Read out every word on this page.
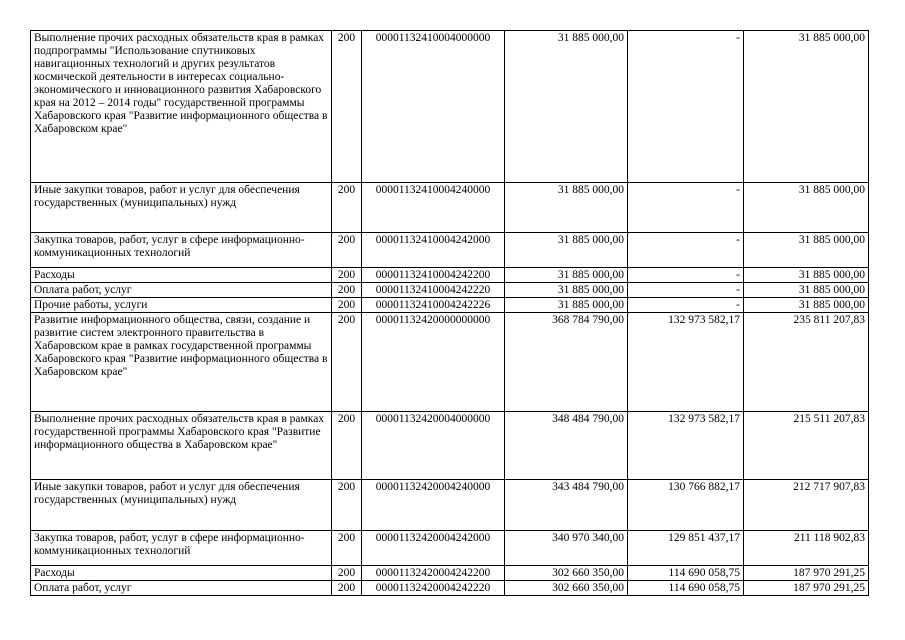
Выполнение прочих расходных обязательств края в рамках подпрограммы "Использование спутниковых навигационных технологий и других результатов космической деятельности в интересах социально-экономического и инновационного развития Хабаровского края на 2012 – 2014 годы" государственной программы Хабаровского края "Развитие информационного общества в Хабаровском крае"	200	00001132410004000000	31 885 000,00	-	31 885 000,00
Иные закупки товаров, работ и услуг для обеспечения государственных (муниципальных) нужд	200	00001132410004240000	31 885 000,00	-	31 885 000,00
Закупка товаров, работ, услуг в сфере информационно-коммуникационных технологий	200	00001132410004242000	31 885 000,00	-	31 885 000,00
Расходы	200	00001132410004242200	31 885 000,00	-	31 885 000,00
Оплата работ, услуг	200	00001132410004242220	31 885 000,00	-	31 885 000,00
Прочие работы, услуги	200	00001132410004242226	31 885 000,00	-	31 885 000,00
Развитие информационного общества, связи, создание и развитие систем электронного правительства в Хабаровском крае в рамках государственной программы Хабаровского края "Развитие информационного общества в Хабаровском крае"	200	00001132420000000000	368 784 790,00	132 973 582,17	235 811 207,83
Выполнение прочих расходных обязательств края в рамках государственной программы Хабаровского края "Развитие информационного общества в Хабаровском крае"	200	00001132420004000000	348 484 790,00	132 973 582,17	215 511 207,83
Иные закупки товаров, работ и услуг для обеспечения государственных (муниципальных) нужд	200	00001132420004240000	343 484 790,00	130 766 882,17	212 717 907,83
Закупка товаров, работ, услуг в сфере информационно-коммуникационных технологий	200	00001132420004242000	340 970 340,00	129 851 437,17	211 118 902,83
Расходы	200	00001132420004242200	302 660 350,00	114 690 058,75	187 970 291,25
Оплата работ, услуг	200	00001132420004242220	302 660 350,00	114 690 058,75	187 970 291,25
